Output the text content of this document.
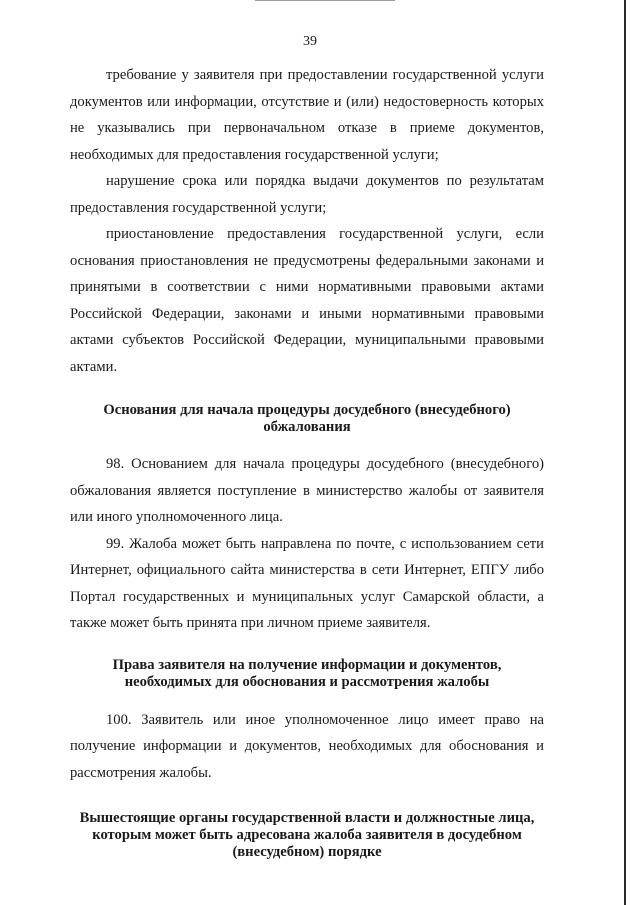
39

требование у заявителя при предоставлении государственной услуги документов или информации, отсутствие и (или) недостоверность которых не указывались при первоначальном отказе в приеме документов, необходимых для предоставления государственной услуги;

нарушение срока или порядка выдачи документов по результатам предоставления государственной услуги;

приостановление предоставления государственной услуги, если основания приостановления не предусмотрены федеральными законами и принятыми в соответствии с ними нормативными правовыми актами Российской Федерации, законами и иными нормативными правовыми актами субъектов Российской Федерации, муниципальными правовыми актами.

Основания для начала процедуры досудебного (внесудебного) обжалования

98. Основанием для начала процедуры досудебного (внесудебного) обжалования является поступление в министерство жалобы от заявителя или иного уполномоченного лица.

99. Жалоба может быть направлена по почте, с использованием сети Интернет, официального сайта министерства в сети Интернет, ЕПГУ либо Портал государственных и муниципальных услуг Самарской области, а также может быть принята при личном приеме заявителя.

Права заявителя на получение информации и документов, необходимых для обоснования и рассмотрения жалобы

100. Заявитель или иное уполномоченное лицо имеет право на получение информации и документов, необходимых для обоснования и рассмотрения жалобы.

Вышестоящие органы государственной власти и должностные лица, которым может быть адресована жалоба заявителя в досудебном (внесудебном) порядке
